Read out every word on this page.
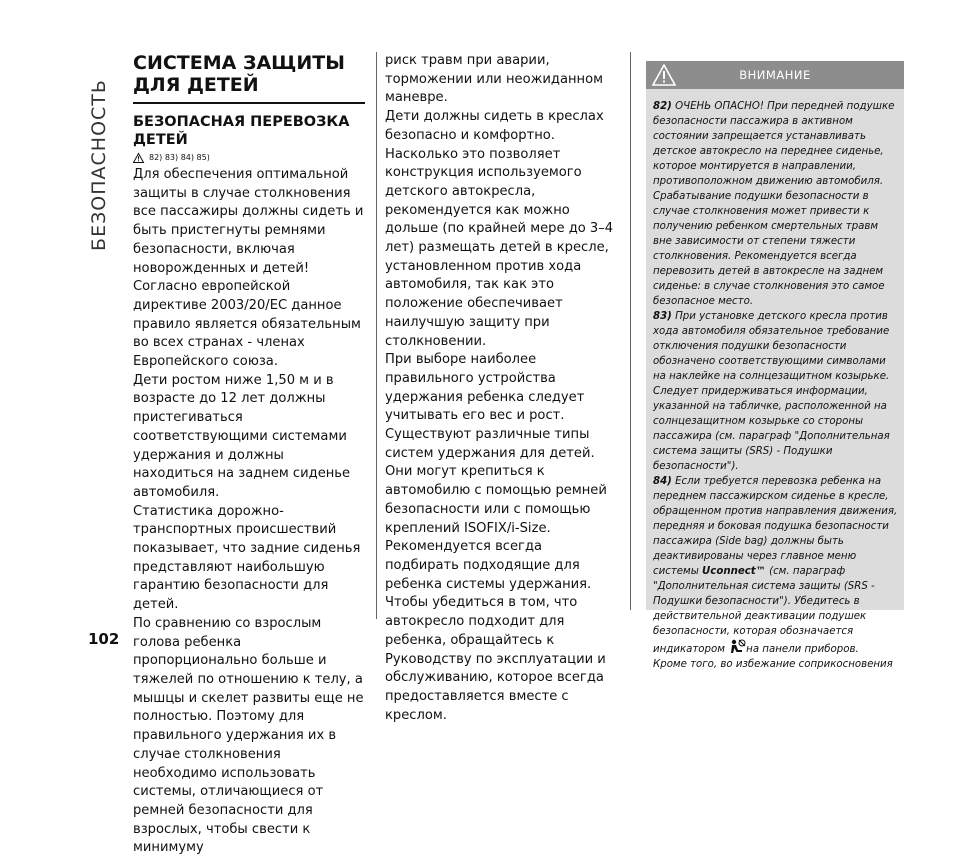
БЕЗОПАСНОСТЬ
102
СИСТЕМА ЗАЩИТЫ ДЛЯ ДЕТЕЙ
БЕЗОПАСНАЯ ПЕРЕВОЗКА ДЕТЕЙ
82) 83) 84) 85)

Для обеспечения оптимальной защиты в случае столкновения все пассажиры должны сидеть и быть пристегнуты ремнями безопасности, включая новорожденных и детей!

Согласно европейской директиве 2003/20/ЕС данное правило является обязательным во всех странах - членах Европейского союза.

Дети ростом ниже 1,50 м и в возрасте до 12 лет должны пристегиваться соответствующими системами удержания и должны находиться на заднем сиденье автомобиля.

Статистика дорожно-транспортных происшествий показывает, что задние сиденья представляют наибольшую гарантию безопасности для детей.

По сравнению со взрослым голова ребенка пропорционально больше и тяжелей по отношению к телу, а мышцы и скелет развиты еще не полностью. Поэтому для правильного удержания их в случае столкновения необходимо использовать системы, отличающиеся от ремней безопасности для взрослых, чтобы свести к минимуму

риск травм при аварии, торможении или неожиданном маневре.

Дети должны сидеть в креслах безопасно и комфортно. Насколько это позволяет конструкция используемого детского автокресла, рекомендуется как можно дольше (по крайней мере до 3–4 лет) размещать детей в кресле, установленном против хода автомобиля, так как это положение обеспечивает наилучшую защиту при столкновении.

При выборе наиболее правильного устройства удержания ребенка следует учитывать его вес и рост. Существуют различные типы систем удержания для детей. Они могут крепиться к автомобилю с помощью ремней безопасности или с помощью креплений ISOFIX/i-Size.

Рекомендуется всегда подбирать подходящие для ребенка системы удержания. Чтобы убедиться в том, что автокресло подходит для ребенка, обращайтесь к Руководству по эксплуатации и обслуживанию, которое всегда предоставляется вместе с креслом.

ВНИМАНИЕ

82) ОЧЕНЬ ОПАСНО! При передней подушке безопасности пассажира в активном состоянии запрещается устанавливать детское автокресло на переднее сиденье, которое монтируется в направлении, противоположном движению автомобиля. Срабатывание подушки безопасности в случае столкновения может привести к получению ребенком смертельных травм вне зависимости от степени тяжести столкновения. Рекомендуется всегда перевозить детей в автокресле на заднем сиденье: в случае столкновения это самое безопасное место.

83) При установке детского кресла против хода автомобиля обязательное требование отключения подушки безопасности обозначено соответствующими символами на наклейке на солнцезащитном козырьке. Следует придерживаться информации, указанной на табличке, расположенной на солнцезащитном козырьке со стороны пассажира (см. параграф "Дополнительная система защиты (SRS) - Подушки безопасности").

84) Если требуется перевозка ребенка на переднем пассажирском сиденье в кресле, обращенном против направления движения, передняя и боковая подушка безопасности пассажира (Side bag) должны быть деактивированы через главное меню системы Uconnect™ (см. параграф "Дополнительная система защиты (SRS - Подушки безопасности"). Убедитесь в действительной деактивации подушек безопасности, которая обозначается индикатором на панели приборов.

Кроме того, во избежание соприкосновения
